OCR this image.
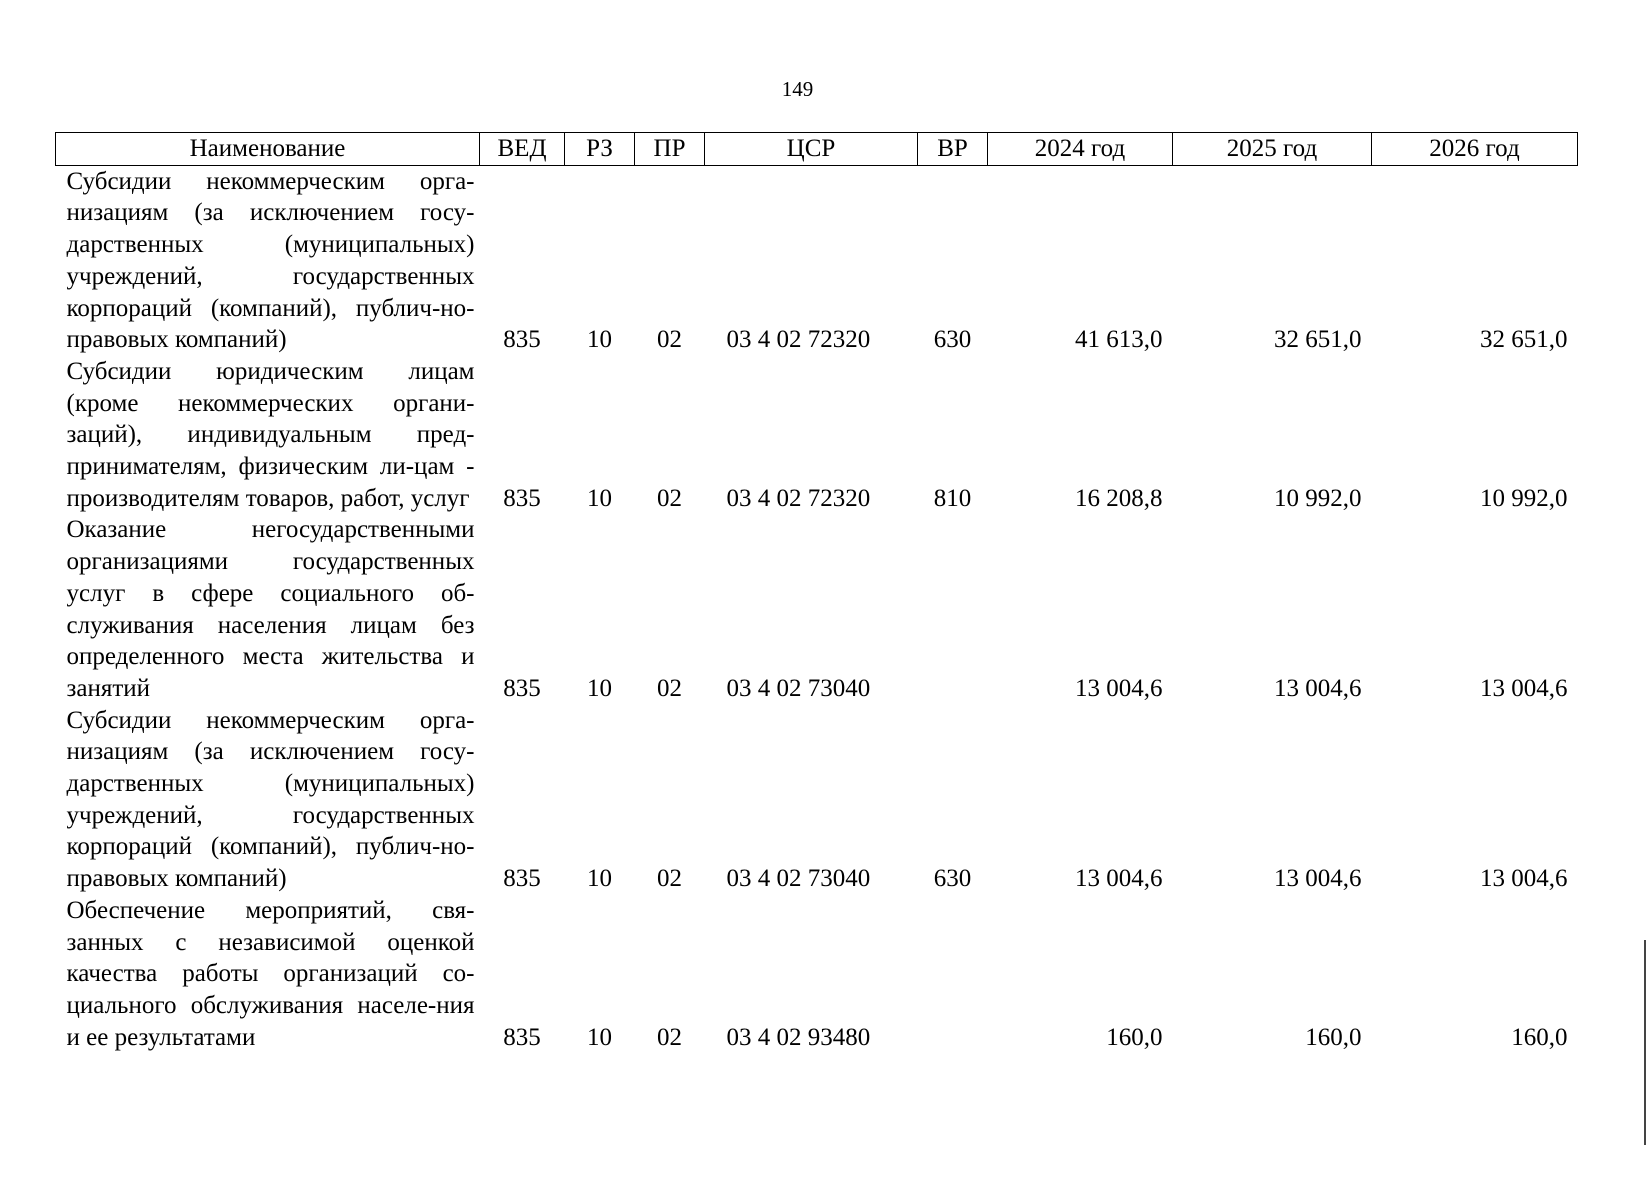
149
Наименование	ВЕД	РЗ	ПР	ЦСР	ВР	2024 год	2025 год	2026 год
Субсидии некоммерческим орга-низациям (за исключением госу-дарственных (муниципальных) учреждений, государственных корпораций (компаний), публич-но-правовых компаний)	835	10	02	03 4 02 72320	630	41 613,0	32 651,0	32 651,0
Субсидии юридическим лицам (кроме некоммерческих органи-заций), индивидуальным пред-принимателям, физическим ли-цам - производителям товаров, работ, услуг	835	10	02	03 4 02 72320	810	16 208,8	10 992,0	10 992,0
Оказание негосударственными организациями государственных услуг в сфере социального об-служивания населения лицам без определенного места жительства и занятий	835	10	02	03 4 02 73040		13 004,6	13 004,6	13 004,6
Субсидии некоммерческим орга-низациям (за исключением госу-дарственных (муниципальных) учреждений, государственных корпораций (компаний), публич-но-правовых компаний)	835	10	02	03 4 02 73040	630	13 004,6	13 004,6	13 004,6
Обеспечение мероприятий, свя-занных с независимой оценкой качества работы организаций со-циального обслуживания населе-ния и ее результатами	835	10	02	03 4 02 93480		160,0	160,0	160,0
